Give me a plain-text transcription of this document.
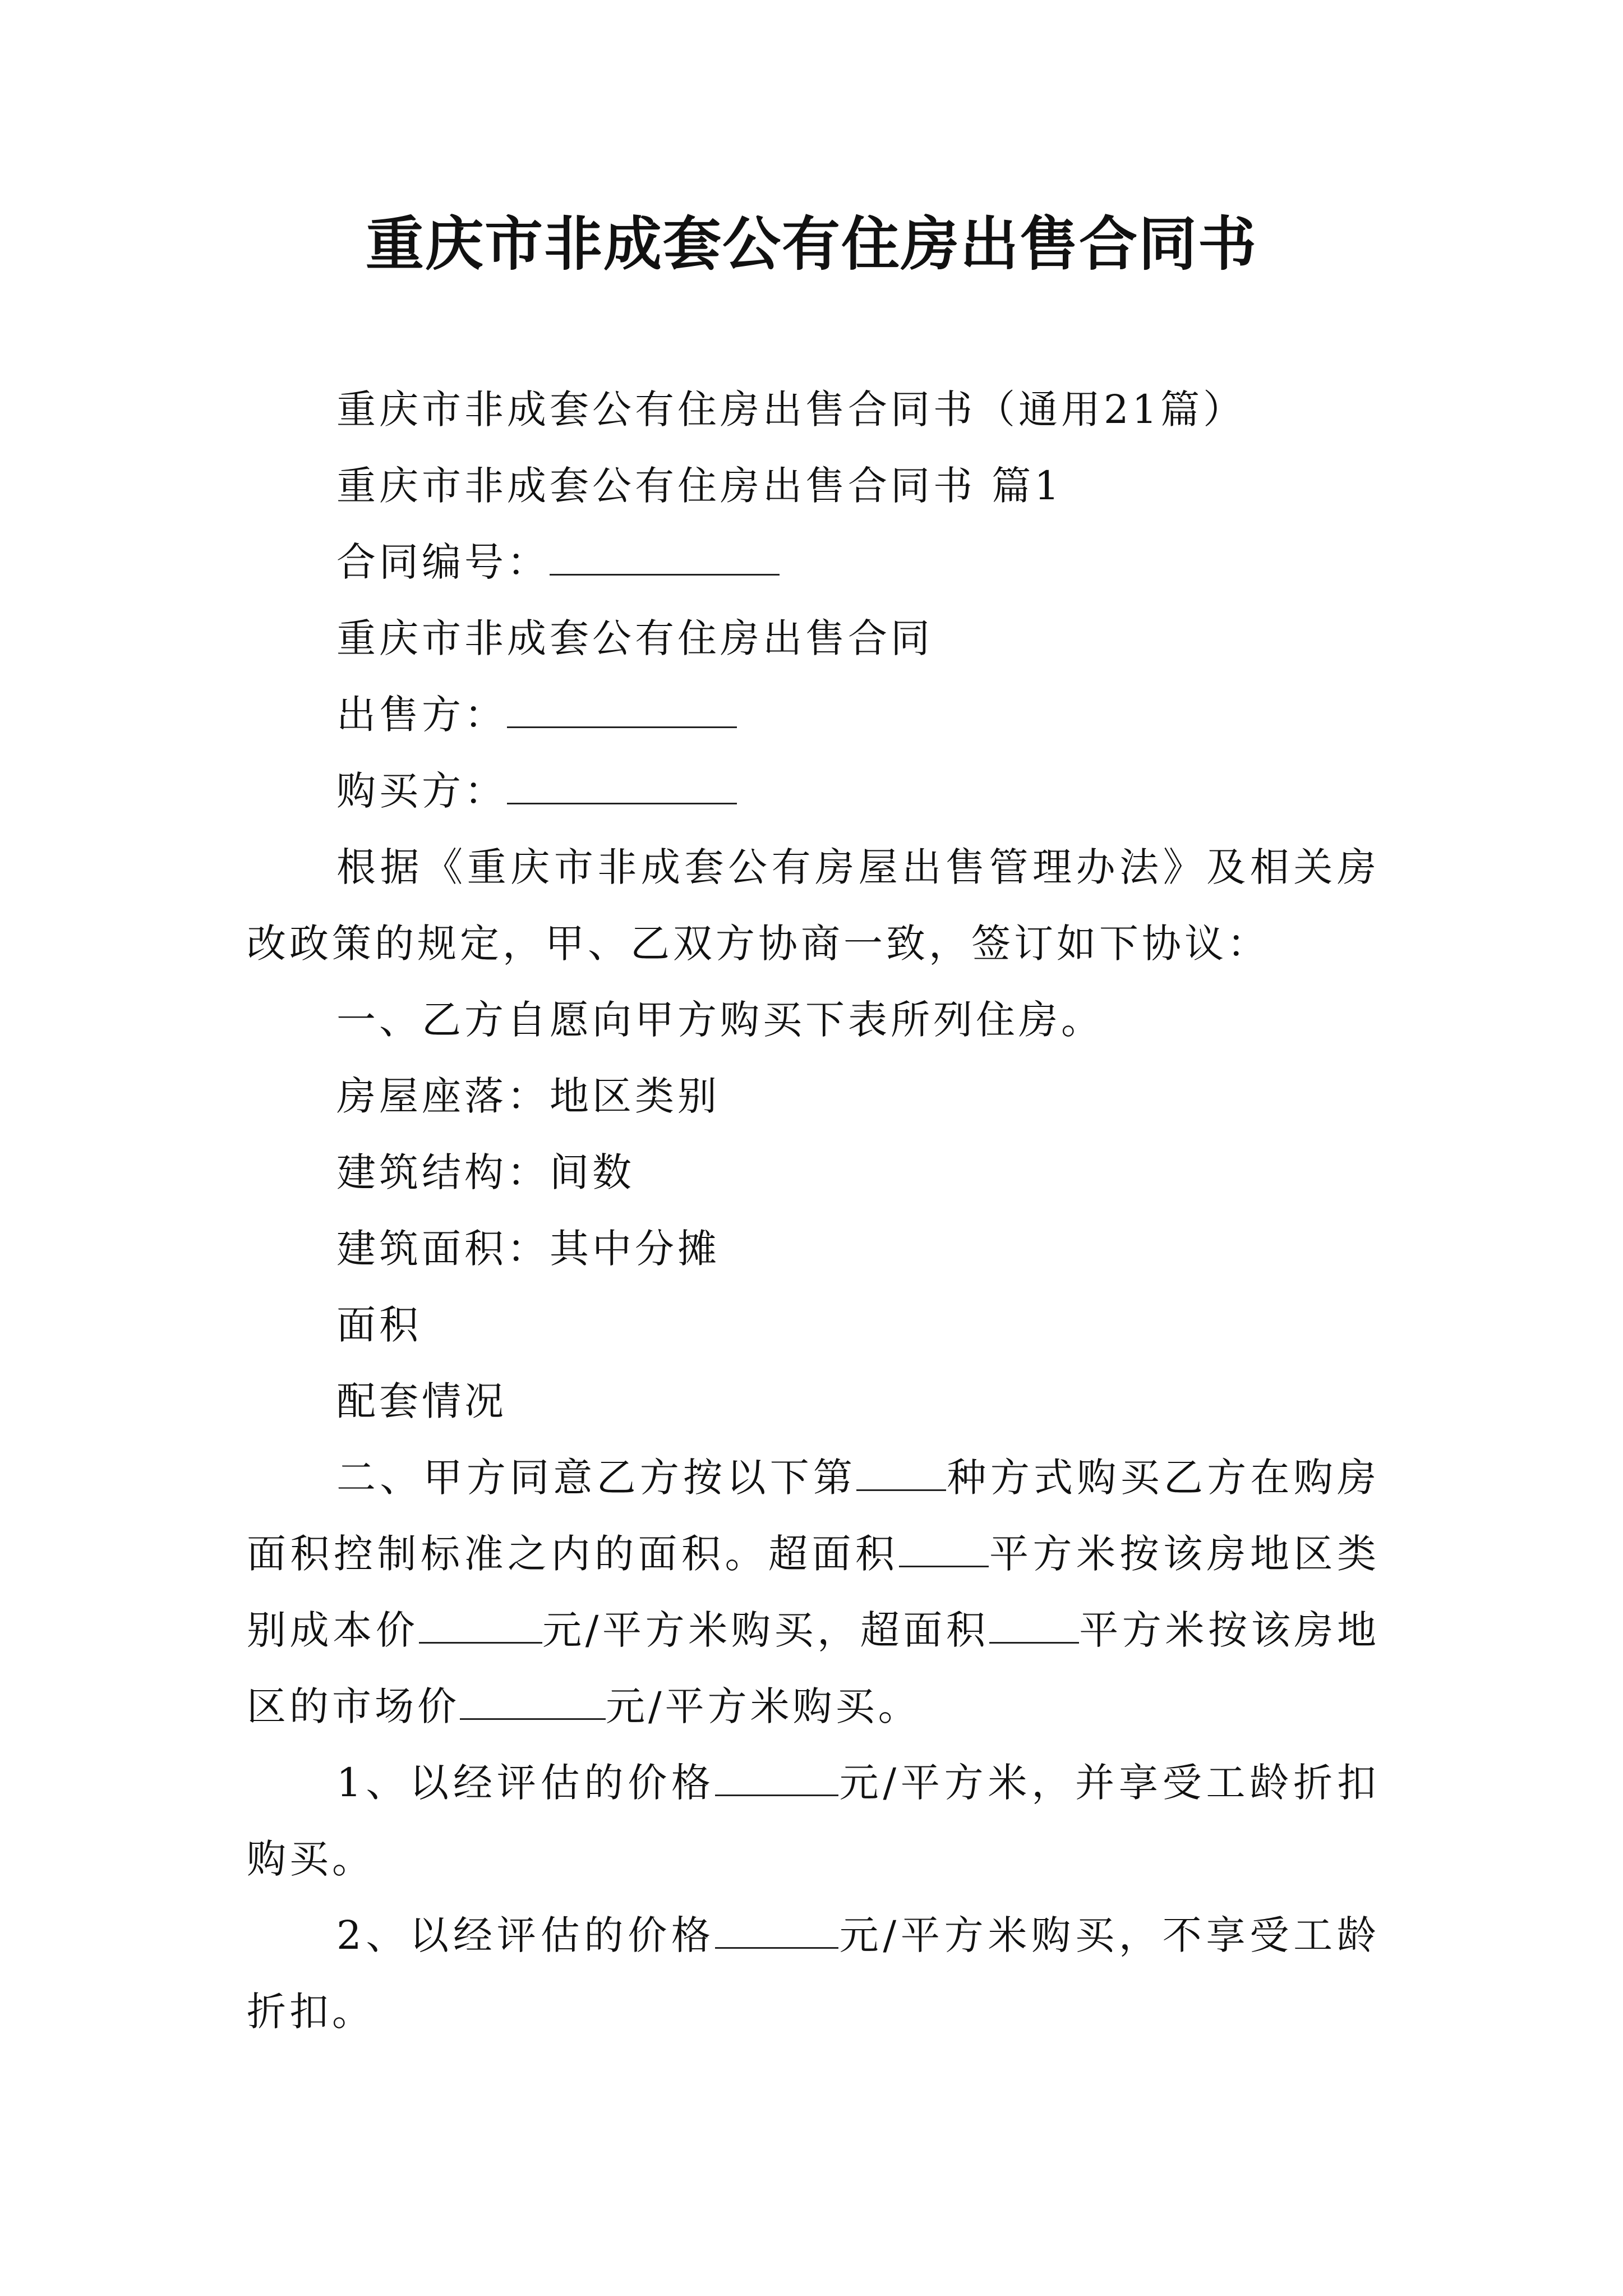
重庆市非成套公有住房出售合同书

重庆市非成套公有住房出售合同书（通用21篇）

重庆市非成套公有住房出售合同书 篇1

合同编号：

重庆市非成套公有住房出售合同

出售方：

购买方：

根据《重庆市非成套公有房屋出售管理办法》及相关房改政策的规定，甲、乙双方协商一致，签订如下协议：

一、乙方自愿向甲方购买下表所列住房。

房屋座落：地区类别

建筑结构：间数

建筑面积：其中分摊

面积

配套情况

二、甲方同意乙方按以下第 种方式购买乙方在购房面积控制标准之内的面积。超面积 平方米按该房地区类别成本价	元/平方米购买，超面积 平方米按该房地区的市场价	元/平方米购买。

1、以经评估的价格	元/平方米，并享受工龄折扣购买。

2、以经评估的价格	元/平方米购买，不享受工龄折扣。
